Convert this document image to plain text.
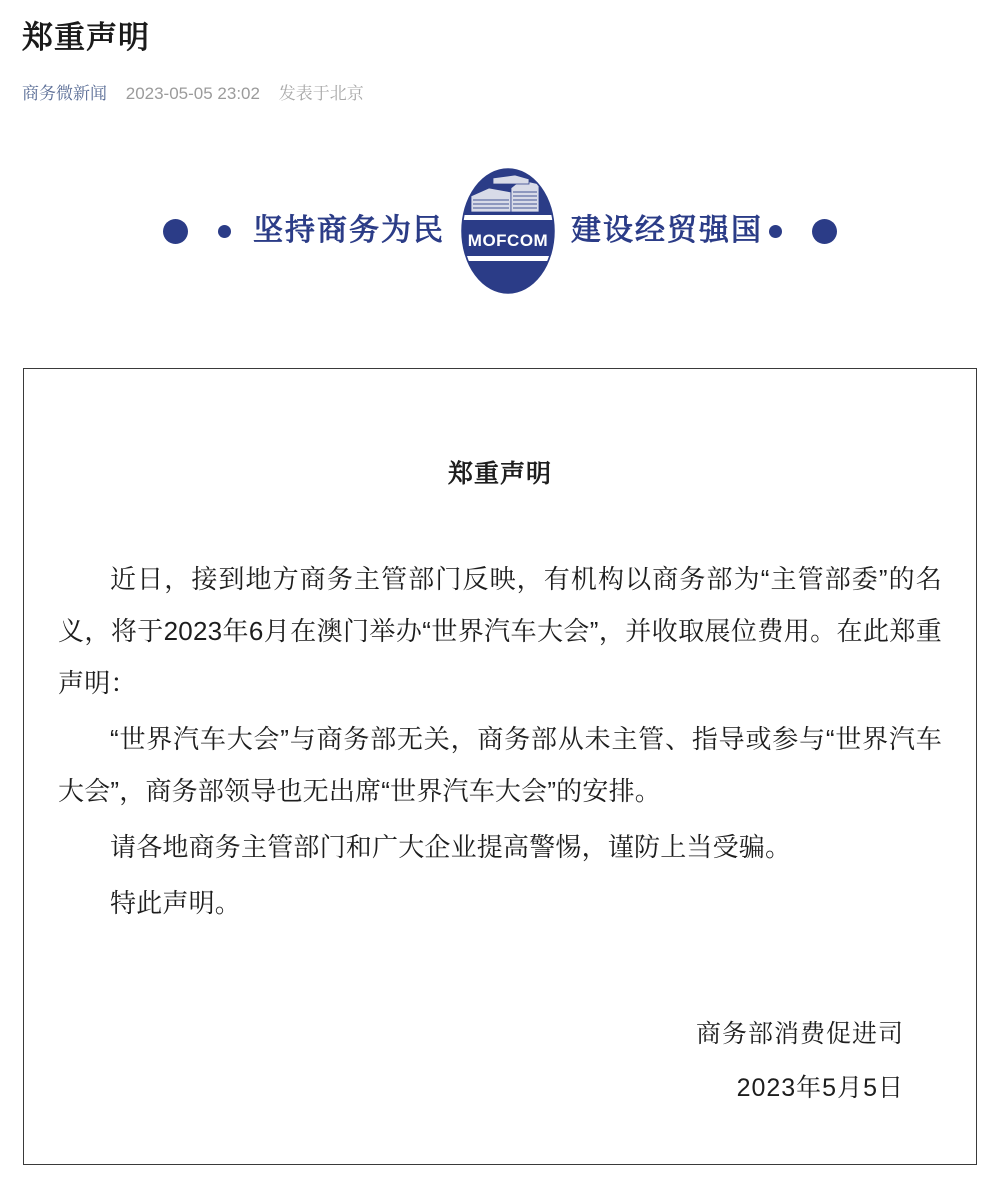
郑重声明
商务微新闻 2023-05-05 23:02 发表于北京
坚持商务为民 MOFCOM 建设经贸强国
郑重声明

近日，接到地方商务主管部门反映，有机构以商务部为“主管部委”的名义，将于2023年6月在澳门举办“世界汽车大会”，并收取展位费用。在此郑重声明：

“世界汽车大会”与商务部无关，商务部从未主管、指导或参与“世界汽车大会”，商务部领导也无出席“世界汽车大会”的安排。

请各地商务主管部门和广大企业提高警惕，谨防上当受骗。

特此声明。

商务部消费促进司
2023年5月5日
